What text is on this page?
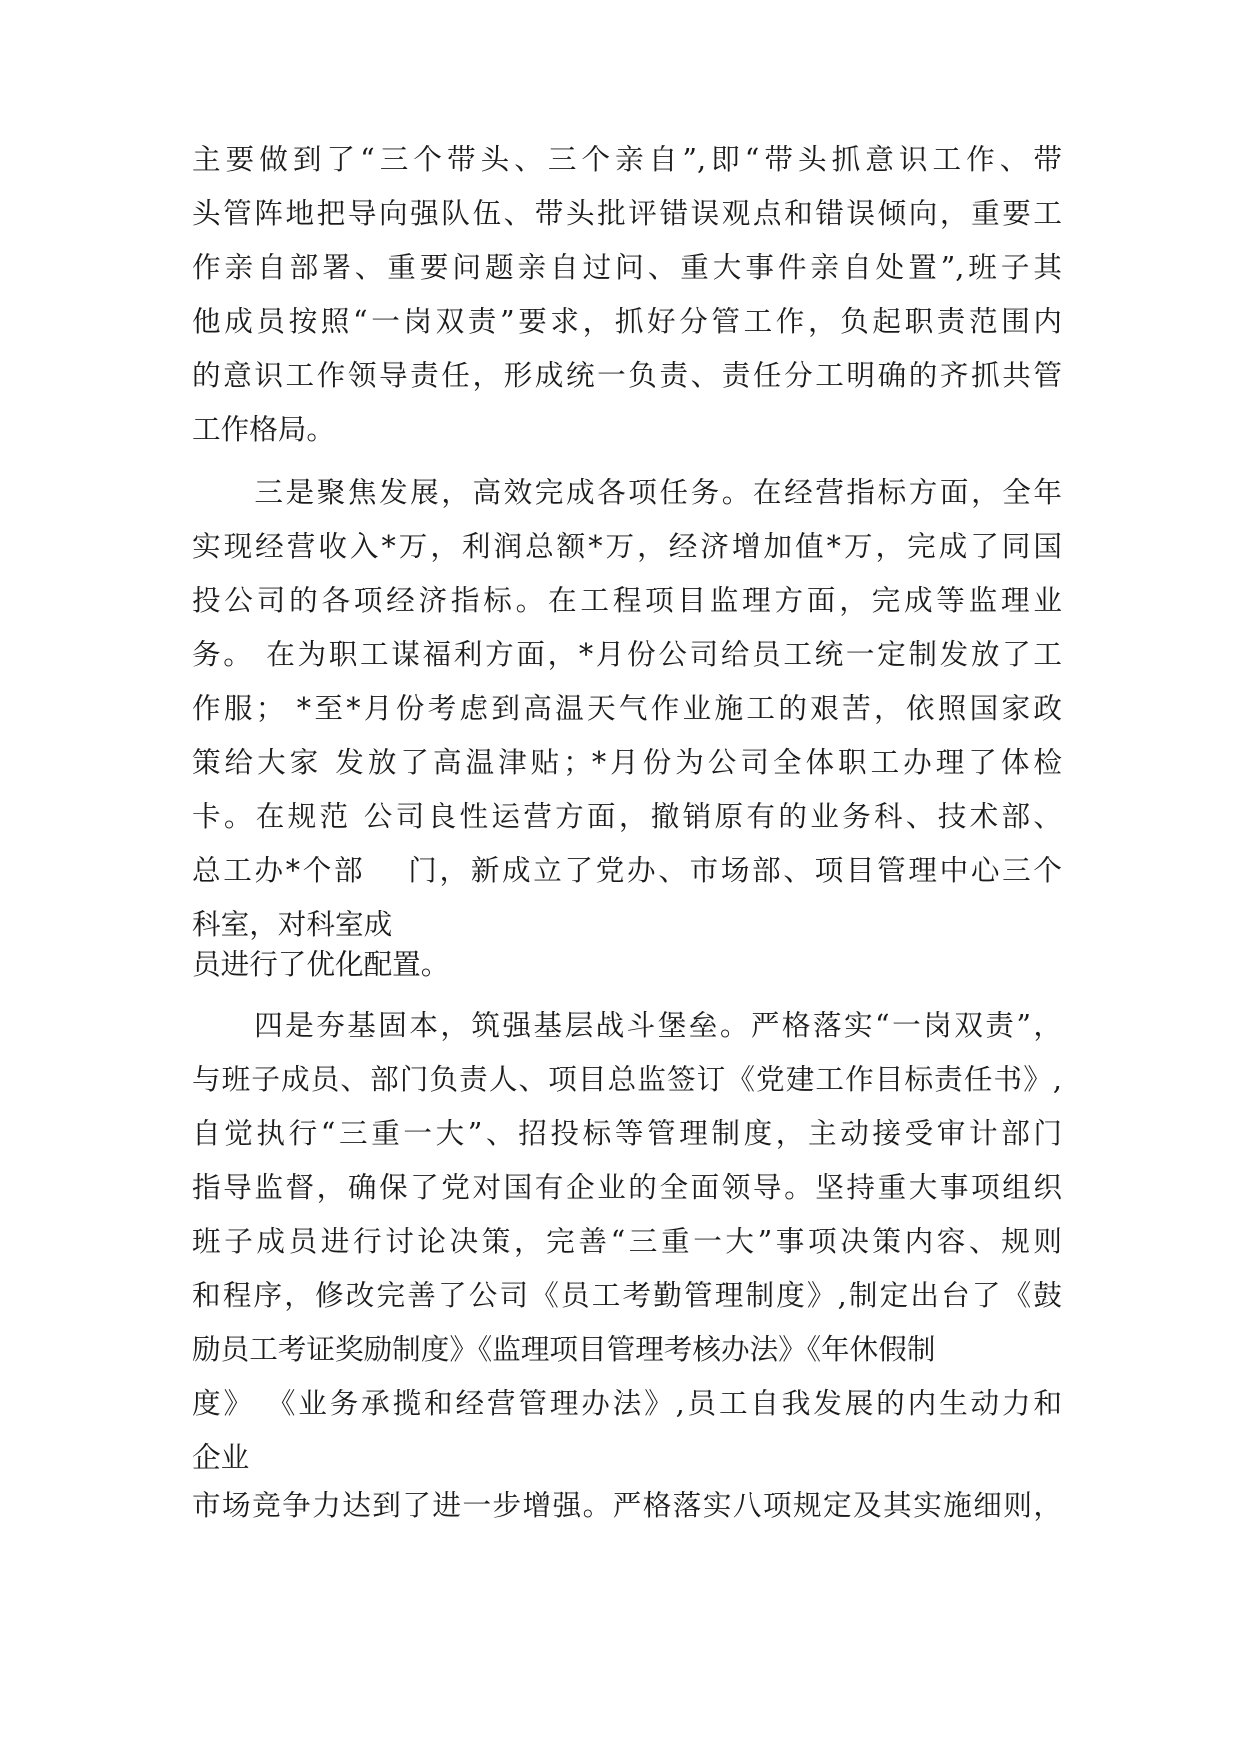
主要做到了“三个带头、三个亲自”,即“带头抓意识工作、带
头管阵地把导向强队伍、带头批评错误观点和错误倾向，重要工
作亲自部署、重要问题亲自过问、重大事件亲自处置”,班子其
他成员按照“一岗双责”要求，抓好分管工作，负起职责范围内
的意识工作领导责任，形成统一负责、责任分工明确的齐抓共管
工作格局。
　　三是聚焦发展，高效完成各项任务。在经营指标方面，全年
实现经营收入*万，利润总额*万，经济增加值*万，完成了同国
投公司的各项经济指标。在工程项目监理方面，完成等监理业
务。 在为职工谋福利方面，*月份公司给员工统一定制发放了工
作服； *至*月份考虑到高温天气作业施工的艰苦，依照国家政
策给大家 发放了高温津贴；*月份为公司全体职工办理了体检
卡。在规范 公司良性运营方面，撤销原有的业务科、技术部、
总工办*个部 　门，新成立了党办、市场部、项目管理中心三个
科室，对科室成
员进行了优化配置。
　　四是夯基固本，筑强基层战斗堡垒。严格落实“一岗双责”，
与班子成员、部门负责人、项目总监签订《党建工作目标责任书》,
自觉执行“三重一大”、招投标等管理制度，主动接受审计部门
指导监督，确保了党对国有企业的全面领导。坚持重大事项组织
班子成员进行讨论决策，完善“三重一大”事项决策内容、规则
和程序，修改完善了公司《员工考勤管理制度》,制定出台了《鼓
励员工考证奖励制度》《监理项目管理考核办法》《年休假制
度》 《业务承揽和经营管理办法》,员工自我发展的内生动力和
企业
市场竞争力达到了进一步增强。严格落实八项规定及其实施细则，
